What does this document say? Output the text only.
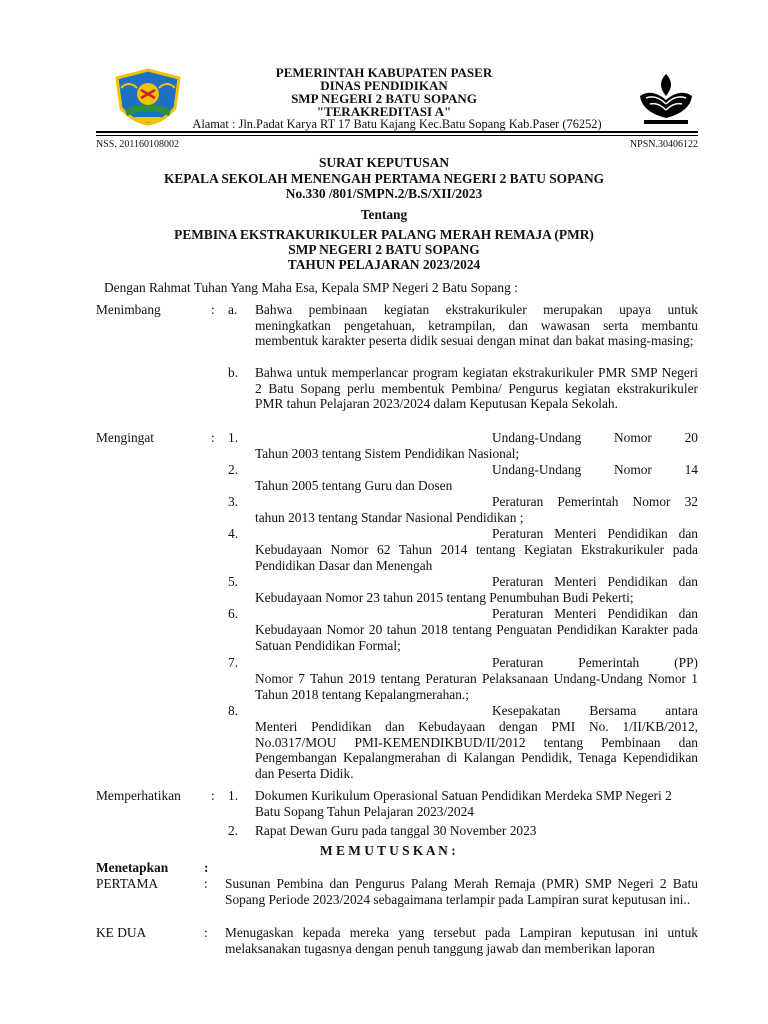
PEMERINTAH KABUPATEN PASER
DINAS PENDIDIKAN
SMP NEGERI 2 BATU SOPANG
"TERAKREDITASI A"
Alamat : Jln.Padat Karya RT 17 Batu Kajang Kec.Batu Sopang Kab.Paser (76252)
NSS. 201160108002	NPSN.30406122
SURAT KEPUTUSAN
KEPALA SEKOLAH MENENGAH PERTAMA NEGERI 2 BATU SOPANG
No.330 /801/SMPN.2/B.S/XII/2023
Tentang
PEMBINA EKSTRAKURIKULER PALANG MERAH REMAJA (PMR)
SMP NEGERI 2 BATU SOPANG
TAHUN PELAJARAN 2023/2024
Dengan Rahmat Tuhan Yang Maha Esa, Kepala SMP Negeri 2 Batu Sopang :
Menimbang	: a. Bahwa pembinaan kegiatan ekstrakurikuler merupakan upaya untuk meningkatkan pengetahuan, ketrampilan, dan wawasan serta membantu membentuk karakter peserta didik sesuai dengan minat dan bakat masing-masing;
b. Bahwa untuk memperlancar program kegiatan ekstrakurikuler PMR SMP Negeri 2 Batu Sopang perlu membentuk Pembina/ Pengurus kegiatan ekstrakurikuler PMR tahun Pelajaran 2023/2024 dalam Keputusan Kepala Sekolah.
Mengingat	: 1.	Undang-Undang Nomor 20
Tahun 2003 tentang Sistem Pendidikan Nasional;
2.	Undang-Undang Nomor 14
Tahun 2005 tentang Guru dan Dosen
3.	Peraturan Pemerintah Nomor 32
tahun 2013 tentang Standar Nasional Pendidikan ;
4.	Peraturan Menteri Pendidikan dan
Kebudayaan Nomor 62 Tahun 2014 tentang Kegiatan Ekstrakurikuler pada Pendidikan Dasar dan Menengah
5.	Peraturan Menteri Pendidikan dan
Kebudayaan Nomor 23 tahun 2015 tentang Penumbuhan Budi Pekerti;
6.	Peraturan Menteri Pendidikan dan
Kebudayaan Nomor 20 tahun 2018 tentang Penguatan Pendidikan Karakter pada Satuan Pendidikan Formal;
7.	Peraturan Pemerintah (PP)
Nomor 7 Tahun 2019 tentang Peraturan Pelaksanaan Undang-Undang Nomor 1 Tahun 2018 tentang Kepalangmerahan.;
8.	Kesepakatan Bersama antara
Menteri Pendidikan dan Kebudayaan dengan PMI No. 1/II/KB/2012, No.0317/MOU PMI-KEMENDIKBUD/II/2012 tentang Pembinaan dan Pengembangan Kepalangmerahan di Kalangan Pendidik, Tenaga Kependidikan dan Peserta Didik.
Memperhatikan : 1. Dokumen Kurikulum Operasional Satuan Pendidikan Merdeka SMP Negeri 2 Batu Sopang Tahun Pelajaran 2023/2024
2. Rapat Dewan Guru pada tanggal 30 November 2023
M E M U T U S K A N :
Menetapkan	:
PERTAMA	: Susunan Pembina dan Pengurus Palang Merah Remaja (PMR) SMP Negeri 2 Batu Sopang Periode 2023/2024 sebagaimana terlampir pada Lampiran surat keputusan ini..
KE DUA	: Menugaskan kepada mereka yang tersebut pada Lampiran keputusan ini untuk melaksanakan tugasnya dengan penuh tanggung jawab dan memberikan laporan
